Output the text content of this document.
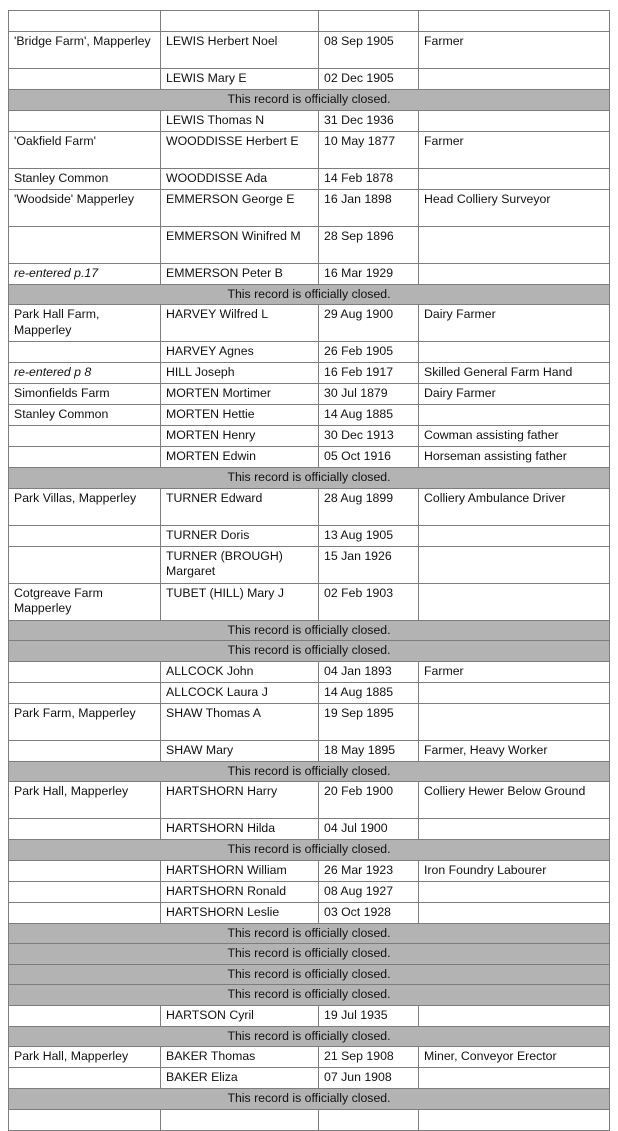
'Bridge Farm', Mapperley	LEWIS Herbert Noel	08 Sep 1905	Farmer
	LEWIS Mary E	02 Dec 1905	
This record is officially closed.			
	LEWIS Thomas N	31 Dec 1936	
'Oakfield Farm'	WOODDISSE Herbert E	10 May 1877	Farmer
Stanley Common	WOODDISSE Ada	14 Feb 1878	
'Woodside' Mapperley	EMMERSON George E	16 Jan 1898	Head Colliery Surveyor
	EMMERSON Winifred M	28 Sep 1896	
re-entered p.17	EMMERSON Peter B	16 Mar 1929	
This record is officially closed.			
Park Hall Farm, Mapperley	HARVEY Wilfred L	29 Aug 1900	Dairy Farmer
	HARVEY Agnes	26 Feb 1905	
re-entered p 8	HILL Joseph	16 Feb 1917	Skilled General Farm Hand
Simonfields Farm	MORTEN Mortimer	30 Jul 1879	Dairy Farmer
Stanley Common	MORTEN Hettie	14 Aug 1885	
	MORTEN Henry	30 Dec 1913	Cowman assisting father
	MORTEN Edwin	05 Oct 1916	Horseman assisting father
This record is officially closed.			
Park Villas, Mapperley	TURNER Edward	28 Aug 1899	Colliery Ambulance Driver
	TURNER Doris	13 Aug 1905	
	TURNER (BROUGH) Margaret	15 Jan 1926	
Cotgreave Farm Mapperley	TUBET (HILL) Mary J	02 Feb 1903	
This record is officially closed.			
This record is officially closed.			
	ALLCOCK John	04 Jan 1893	Farmer
	ALLCOCK Laura J	14 Aug 1885	
Park Farm, Mapperley	SHAW Thomas A	19 Sep 1895	
	SHAW Mary	18 May 1895	Farmer, Heavy Worker
This record is officially closed.			
Park Hall, Mapperley	HARTSHORN Harry	20 Feb 1900	Colliery Hewer Below Ground
	HARTSHORN Hilda	04 Jul 1900	
This record is officially closed.			
	HARTSHORN William	26 Mar 1923	Iron Foundry Labourer
	HARTSHORN Ronald	08 Aug 1927	
	HARTSHORN Leslie	03 Oct 1928	
This record is officially closed.			
This record is officially closed.			
This record is officially closed.			
This record is officially closed.			
	HARTSON Cyril	19 Jul 1935	
This record is officially closed.			
Park Hall, Mapperley	BAKER Thomas	21 Sep 1908	Miner, Conveyor Erector
	BAKER Eliza	07 Jun 1908	
This record is officially closed.			
